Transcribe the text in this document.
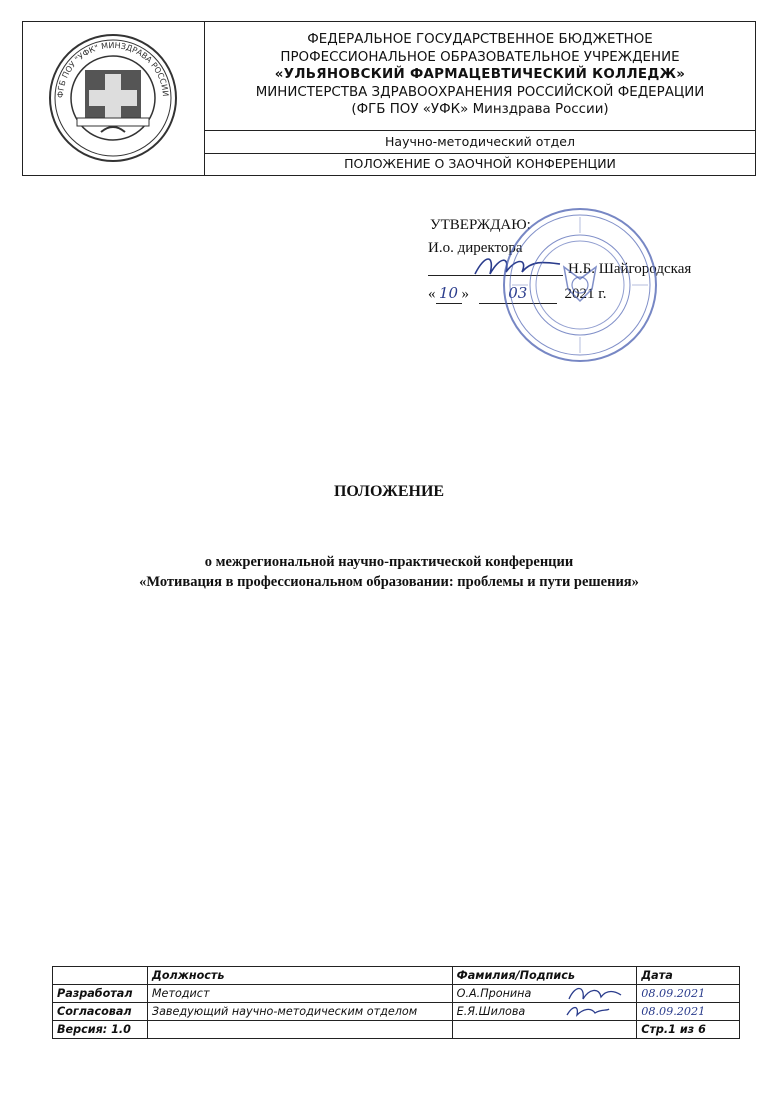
ФГБ ПОУ "УФК" МИНЗДРАВА РОССИИ
ФЕДЕРАЛЬНОЕ ГОСУДАРСТВЕННОЕ БЮДЖЕТНОЕ
ПРОФЕССИОНАЛЬНОЕ ОБРАЗОВАТЕЛЬНОЕ УЧРЕЖДЕНИЕ
«УЛЬЯНОВСКИЙ ФАРМАЦЕВТИЧЕСКИЙ КОЛЛЕДЖ»
МИНИСТЕРСТВА ЗДРАВООХРАНЕНИЯ РОССИЙСКОЙ ФЕДЕРАЦИИ
(ФГБ ПОУ «УФК» Минздрава России)
Научно-методический отдел
ПОЛОЖЕНИЕ О ЗАОЧНОЙ КОНФЕРЕНЦИИ
УТВЕРЖДАЮ:
И.о. директора
Н.Б. Шайгородская
« 10 »	03 2021 г.
ПОЛОЖЕНИЕ
о межрегиональной научно-практической конференции
«Мотивация в профессиональном образовании: проблемы и пути решения»
	Должность	Фамилия/Подпись	Дата
Разработал	Методист	О.А.Пронина	08.09.2021
Согласовал	Заведующий научно-методическим отделом	Е.Я.Шилова	08.09.2021
Версия: 1.0			Стр.1 из 6
